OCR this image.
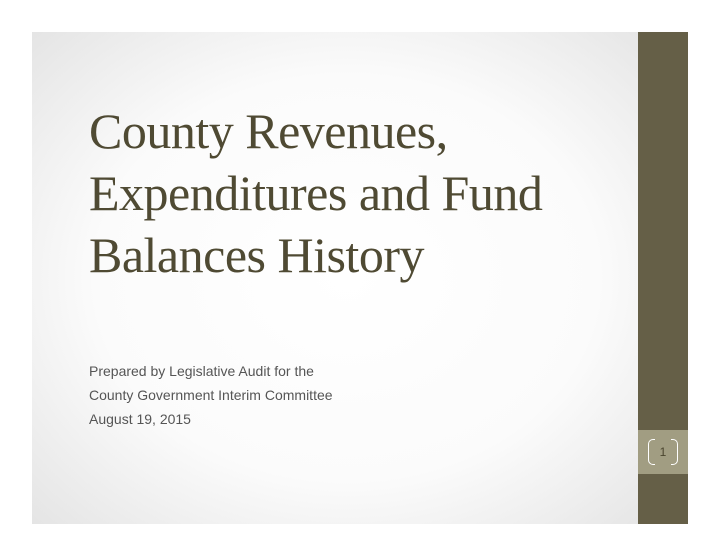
County Revenues,
Expenditures and Fund
Balances History
Prepared by Legislative Audit for the
County Government Interim Committee
August 19, 2015
1
